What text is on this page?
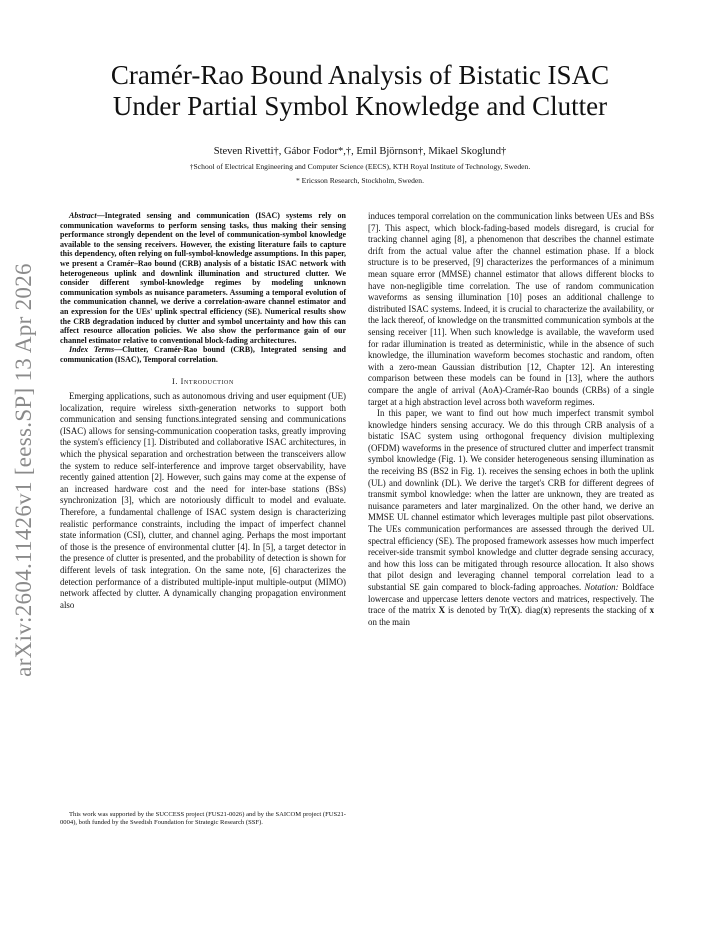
arXiv:2604.11426v1 [eess.SP] 13 Apr 2026
Cramér-Rao Bound Analysis of Bistatic ISAC
Under Partial Symbol Knowledge and Clutter
Steven Rivetti†, Gábor Fodor*,†, Emil Björnson†, Mikael Skoglund†
†School of Electrical Engineering and Computer Science (EECS), KTH Royal Institute of Technology, Sweden.
* Ericsson Research, Stockholm, Sweden.

Abstract—Integrated sensing and communication (ISAC) systems rely on communication waveforms to perform sensing tasks, thus making their sensing performance strongly dependent on the level of communication-symbol knowledge available to the sensing receivers. However, the existing literature fails to capture this dependency, often relying on full-symbol-knowledge assumptions. In this paper, we present a Cramér–Rao bound (CRB) analysis of a bistatic ISAC network with heterogeneous uplink and downlink illumination and structured clutter. We consider different symbol-knowledge regimes by modeling unknown communication symbols as nuisance parameters. Assuming a temporal evolution of the communication channel, we derive a correlation-aware channel estimator and an expression for the UEs' uplink spectral efficiency (SE). Numerical results show the CRB degradation induced by clutter and symbol uncertainty and how this can affect resource allocation policies. We also show the performance gain of our channel estimator relative to conventional block-fading architectures.

Index Terms—Clutter, Cramér-Rao bound (CRB), Integrated sensing and communication (ISAC), Temporal correlation.

I. Introduction

Emerging applications, such as autonomous driving and user equipment (UE) localization, require wireless sixth-generation networks to support both communication and sensing functions.integrated sensing and communications (ISAC) allows for sensing-communication cooperation tasks, greatly improving the system's efficiency [1]. Distributed and collaborative ISAC architectures, in which the physical separation and orchestration between the transceivers allow the system to reduce self-interference and improve target observability, have recently gained attention [2]. However, such gains may come at the expense of an increased hardware cost and the need for inter-base stations (BSs) synchronization [3], which are notoriously difficult to model and evaluate. Therefore, a fundamental challenge of ISAC system design is characterizing realistic performance constraints, including the impact of imperfect channel state information (CSI), clutter, and channel aging. Perhaps the most important of those is the presence of environmental clutter [4]. In [5], a target detector in the presence of clutter is presented, and the probability of detection is shown for different levels of task integration. On the same note, [6] characterizes the detection performance of a distributed multiple-input multiple-output (MIMO) network affected by clutter. A dynamically changing propagation environment also

induces temporal correlation on the communication links between UEs and BSs [7]. This aspect, which block-fading-based models disregard, is crucial for tracking channel aging [8], a phenomenon that describes the channel estimate drift from the actual value after the channel estimation phase. If a block structure is to be preserved, [9] characterizes the performances of a minimum mean square error (MMSE) channel estimator that allows different blocks to have non-negligible time correlation. The use of random communication waveforms as sensing illumination [10] poses an additional challenge to distributed ISAC systems. Indeed, it is crucial to characterize the availability, or the lack thereof, of knowledge on the transmitted communication symbols at the sensing receiver [11]. When such knowledge is available, the waveform used for radar illumination is treated as deterministic, while in the absence of such knowledge, the illumination waveform becomes stochastic and random, often with a zero-mean Gaussian distribution [12, Chapter 12]. An interesting comparison between these models can be found in [13], where the authors compare the angle of arrival (AoA)-Cramér-Rao bounds (CRBs) of a single target at a high abstraction level across both waveform regimes.

In this paper, we want to find out how much imperfect transmit symbol knowledge hinders sensing accuracy. We do this through CRB analysis of a bistatic ISAC system using orthogonal frequency division multiplexing (OFDM) waveforms in the presence of structured clutter and imperfect transmit symbol knowledge (Fig. 1). We consider heterogeneous sensing illumination as the receiving BS (BS2 in Fig. 1). receives the sensing echoes in both the uplink (UL) and downlink (DL). We derive the target's CRB for different degrees of transmit symbol knowledge: when the latter are unknown, they are treated as nuisance parameters and later marginalized. On the other hand, we derive an MMSE UL channel estimator which leverages multiple past pilot observations. The UEs communication performances are assessed through the derived UL spectral efficiency (SE). The proposed framework assesses how much imperfect receiver-side transmit symbol knowledge and clutter degrade sensing accuracy, and how this loss can be mitigated through resource allocation. It also shows that pilot design and leveraging channel temporal correlation lead to a substantial SE gain compared to block-fading approaches. Notation: Boldface lowercase and uppercase letters denote vectors and matrices, respectively. The trace of the matrix X is denoted by Tr(X). diag(x) represents the stacking of x on the main

This work was supported by the SUCCESS project (FUS21-0026) and by the SAICOM project (FUS21-0004), both funded by the Swedish Foundation for Strategic Research (SSF).
